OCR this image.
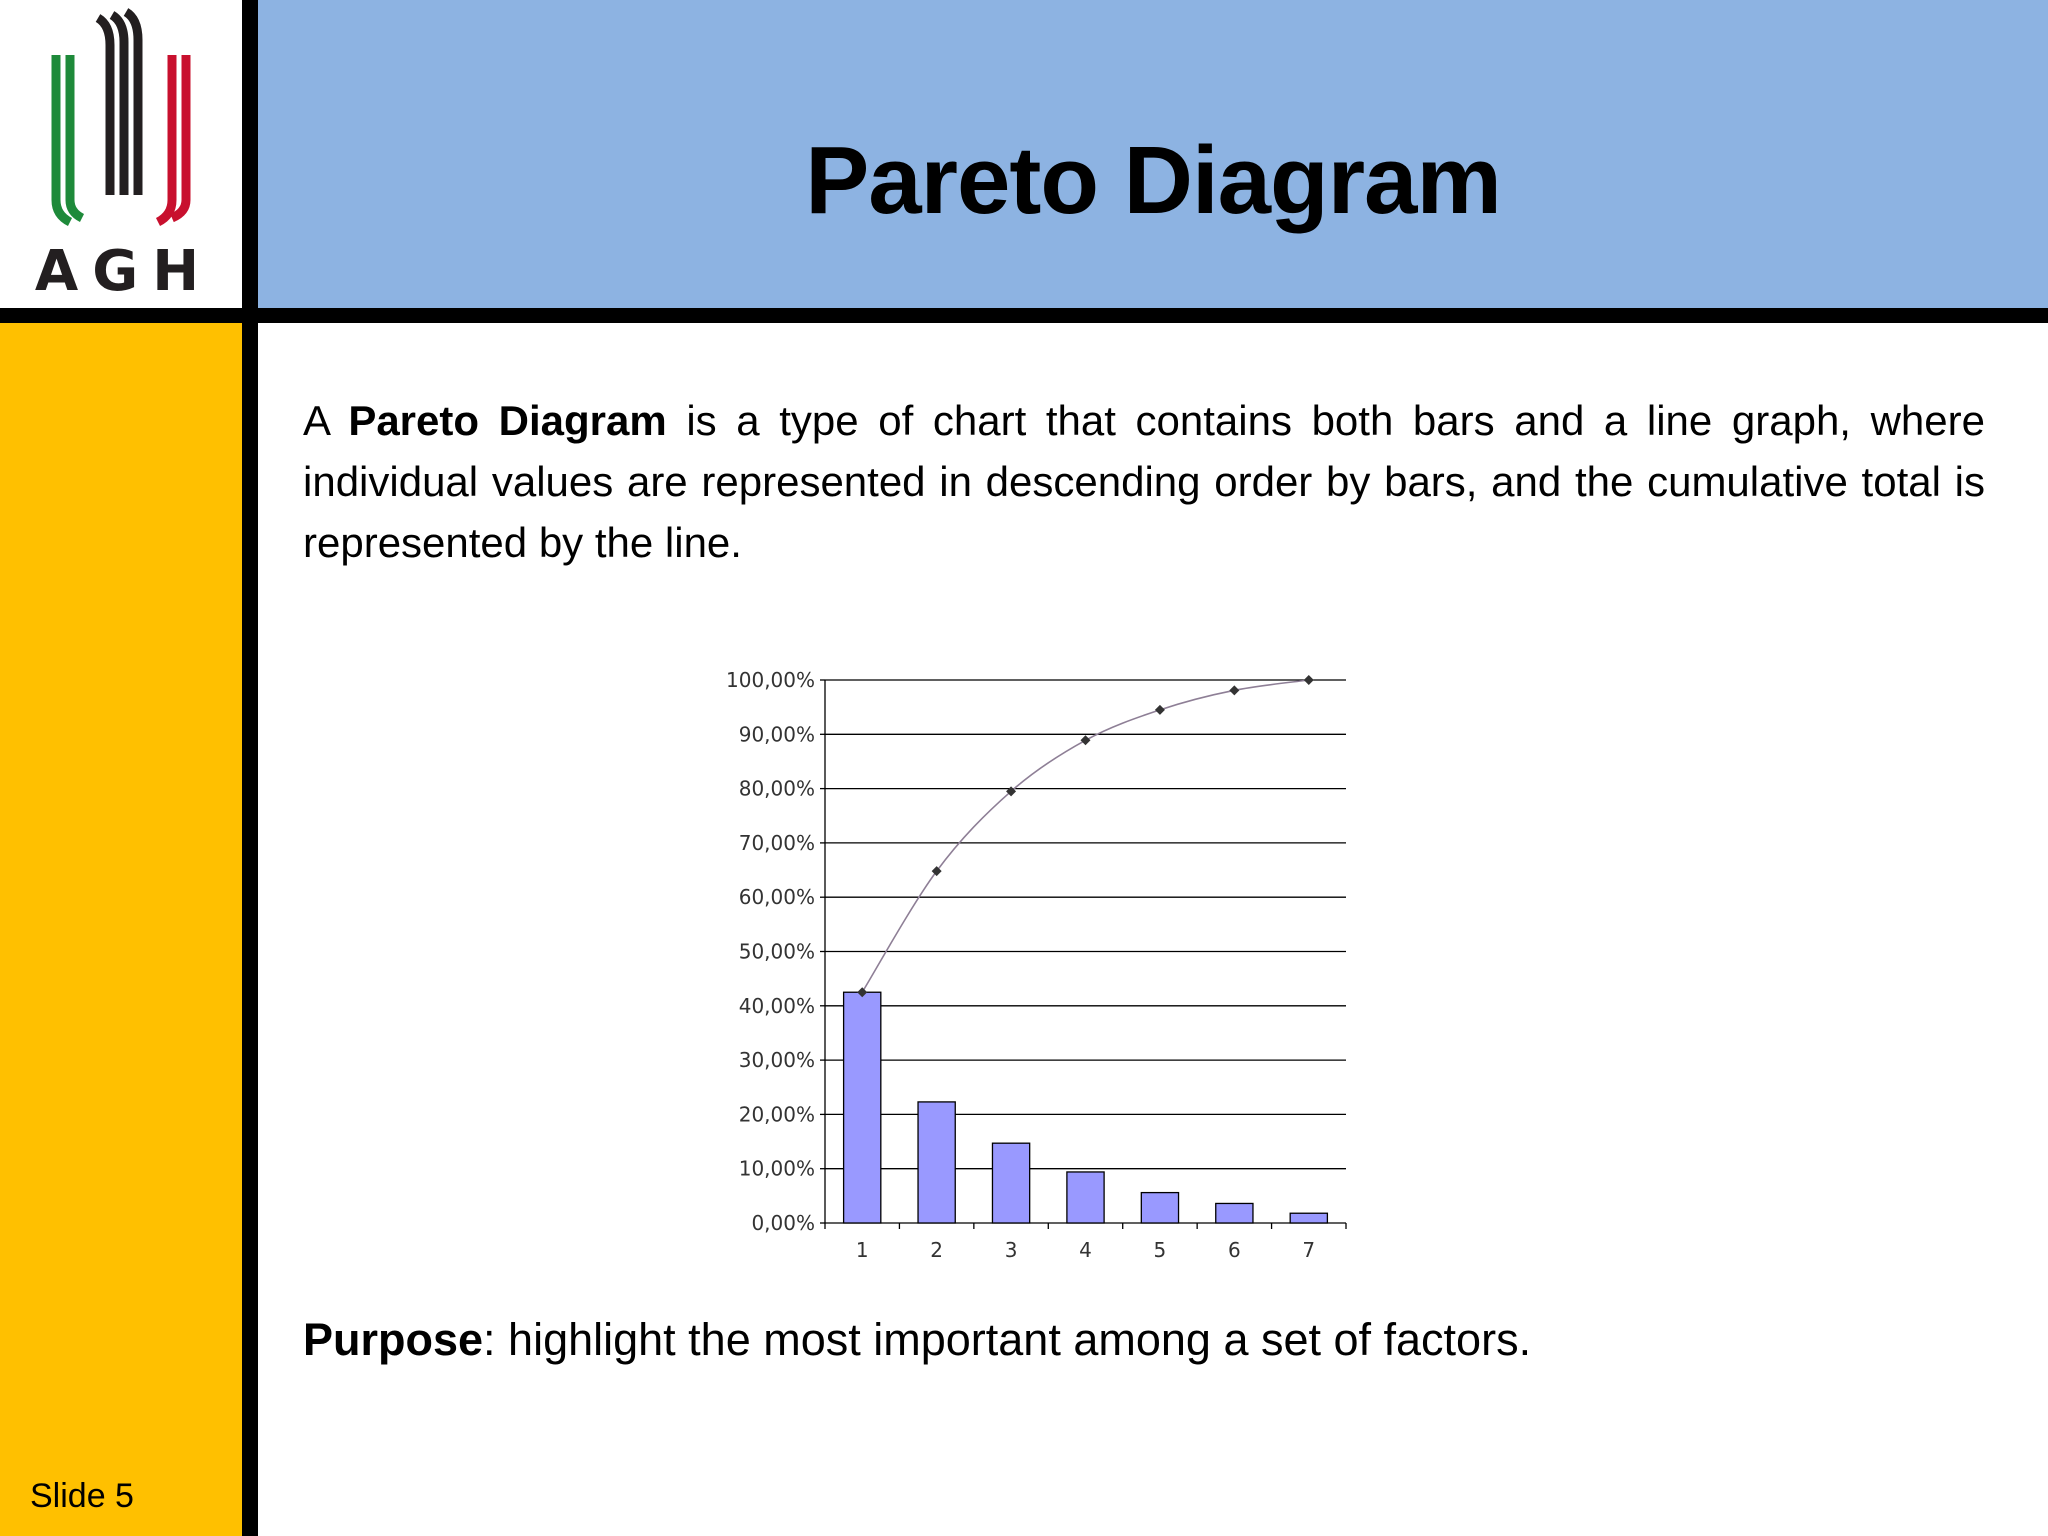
AGH
Pareto Diagram
A Pareto Diagram is a type of chart that contains both bars and a line graph, where individual values are represented in descending order by bars, and the cumulative total is represented by the line.
0,00%
10,00%
20,00%
30,00%
40,00%
50,00%
60,00%
70,00%
80,00%
90,00%
100,00%
1	2	3	4	5	6	7
Purpose: highlight the most important among a set of factors.
Slide 5
